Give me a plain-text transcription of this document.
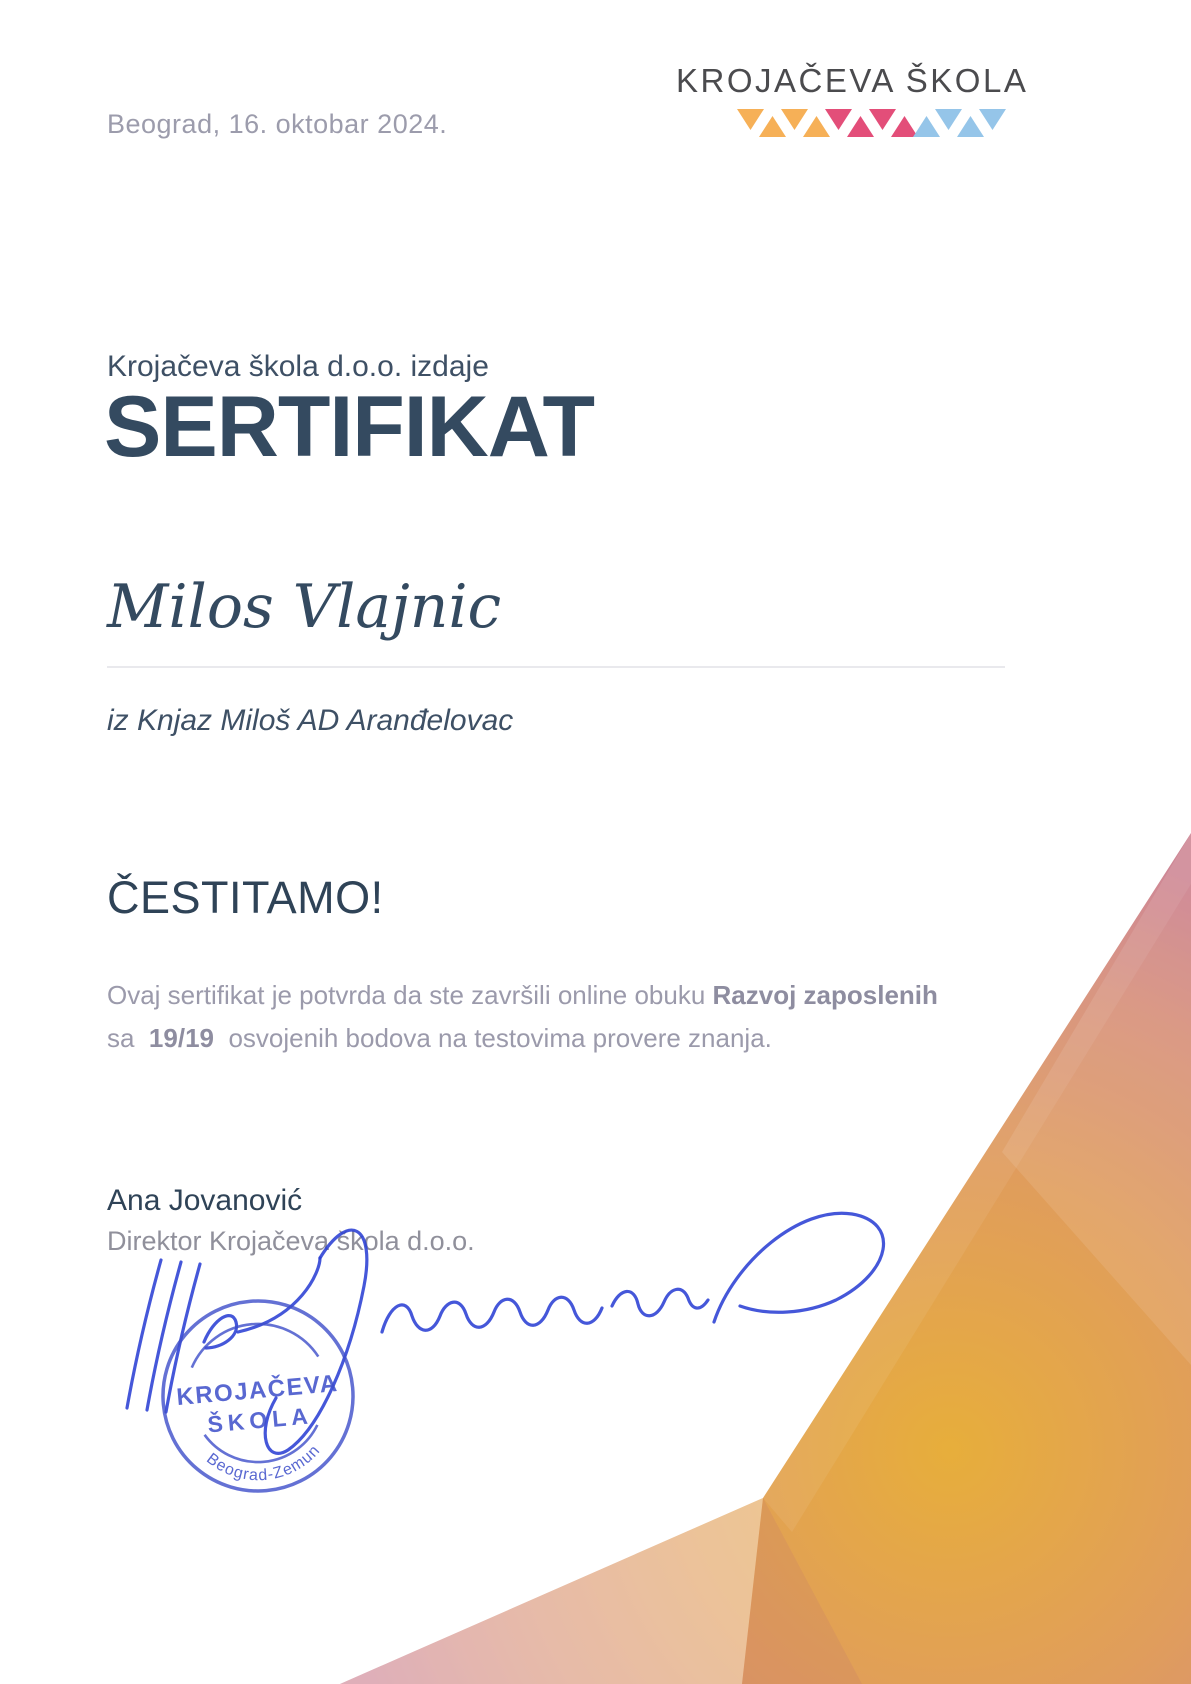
Beograd, 16. oktobar 2024.
KROJAČEVA ŠKOLA
Krojačeva škola d.o.o. izdaje
SERTIFIKAT
Milos Vlajnic
iz Knjaz Miloš AD Aranđelovac
ČESTITAMO!

Ovaj sertifikat je potvrda da ste završili online obuku Razvoj zaposlenih
sa  19/19  osvojenih bodova na testovima provere znanja.

Ana Jovanović
Direktor Krojačeva škola d.o.o.
KROJAČEVA
ŠKOLA
Beograd-Zemun
